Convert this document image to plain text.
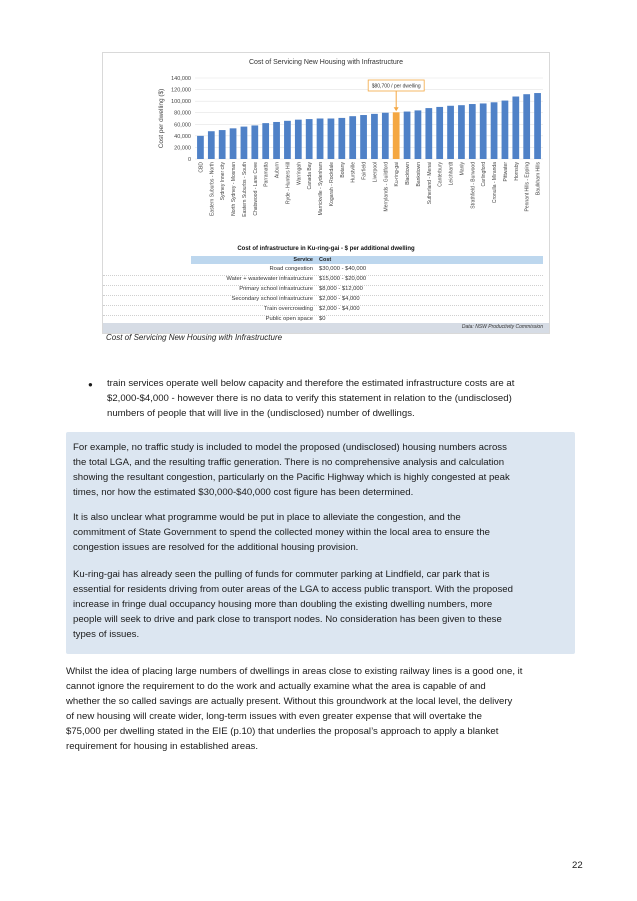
Cost of Servicing New Housing with Infrastructure
0
20,000
40,000
60,000
80,000
100,000
120,000
140,000
Cost per dwelling ($)
CBD Eastern Suburbs - North Sydney Inner city North Sydney - Mosman Eastern Suburbs - South Chatswood - Lane Cove Parramatta Auburn Ryde - Hunters Hill Warringah Canada Bay Marrickville - Sydenham Kogarah - Rockdale Botany Hurstville Fairfield Liverpool Merrylands - Guildford Ku-ring-gai Blacktown Bankstown Sutherland - Menai Canterbury Leichhardt Manly Strathfield - Burwood Carlingford Cronulla - Miranda Pittwater Hornsby Pennant Hills - Epping Baulkham Hills
$80,700 / per dwelling
Cost of infrastructure in Ku-ring-gai - $ per additional dwelling
Service Cost
Road congestion $30,000 - $40,000
Water + wastewater infrastructure $15,000 - $20,000
Primary school infrastructure $8,000 - $12,000
Secondary school infrastructure $2,000 - $4,000
Train overcrowding $2,000 - $4,000
Public open space $0
Data: NSW Productivity Commission
Cost of Servicing New Housing with Infrastructure
● train services operate well below capacity and therefore the estimated infrastructure costs are at
$2,000-$4,000 - however there is no data to verify this statement in relation to the (undisclosed)
numbers of people that will live in the (undisclosed) number of dwellings.
For example, no traffic study is included to model the proposed (undisclosed) housing numbers across
the total LGA, and the resulting traffic generation. There is no comprehensive analysis and calculation
showing the resultant congestion, particularly on the Pacific Highway which is highly congested at peak
times, nor how the estimated $30,000-$40,000 cost figure has been determined.
It is also unclear what programme would be put in place to alleviate the congestion, and the
commitment of State Government to spend the collected money within the local area to ensure the
congestion issues are resolved for the additional housing provision.
Ku-ring-gai has already seen the pulling of funds for commuter parking at Lindfield, car park that is
essential for residents driving from outer areas of the LGA to access public transport. With the proposed
increase in fringe dual occupancy housing more than doubling the existing dwelling numbers, more
people will seek to drive and park close to transport nodes. No consideration has been given to these
types of issues.
Whilst the idea of placing large numbers of dwellings in areas close to existing railway lines is a good one, it
cannot ignore the requirement to do the work and actually examine what the area is capable of and
whether the so called savings are actually present. Without this groundwork at the local level, the delivery
of new housing will create wider, long-term issues with even greater expense that will overtake the
$75,000 per dwelling stated in the EIE (p.10) that underlies the proposal’s approach to apply a blanket
requirement for housing in established areas.
22
